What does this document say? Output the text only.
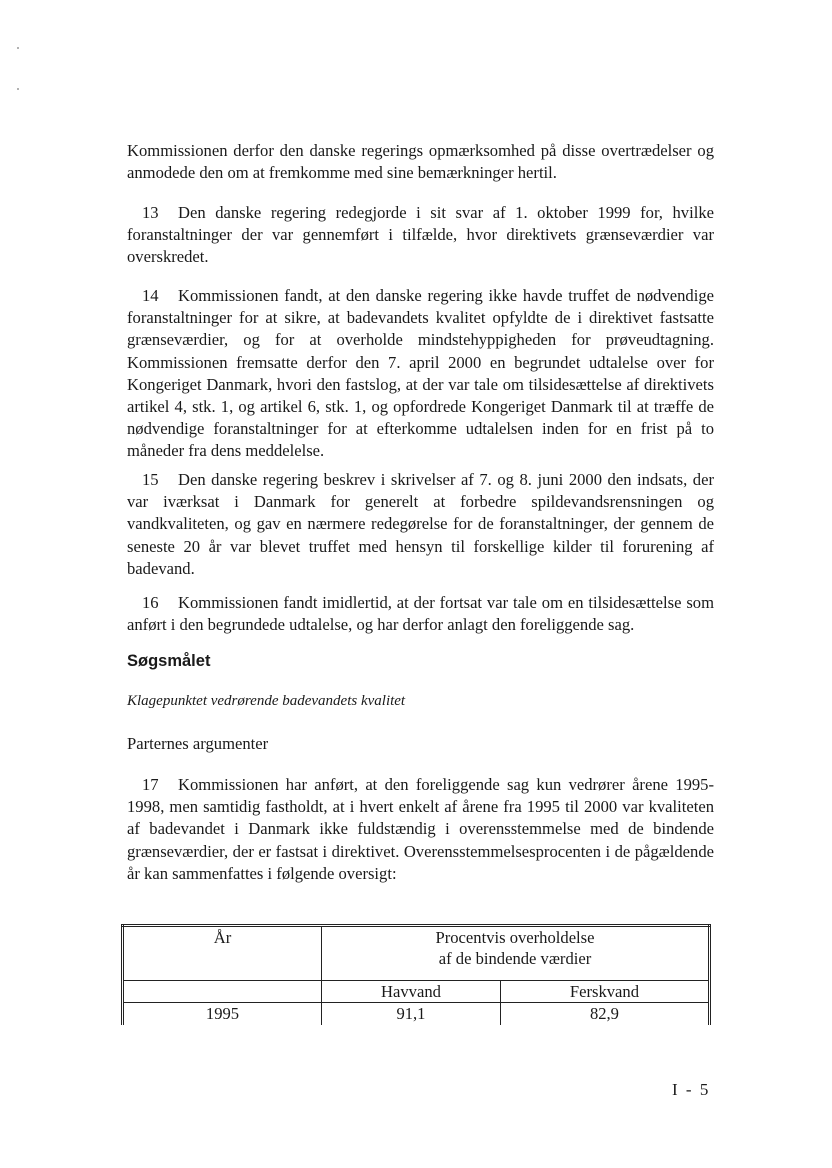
Kommissionen derfor den danske regerings opmærksomhed på disse overtrædelser og anmodede den om at fremkomme med sine bemærkninger hertil.

13 Den danske regering redegjorde i sit svar af 1. oktober 1999 for, hvilke foranstaltninger der var gennemført i tilfælde, hvor direktivets grænseværdier var overskredet.

14 Kommissionen fandt, at den danske regering ikke havde truffet de nødvendige foranstaltninger for at sikre, at badevandets kvalitet opfyldte de i direktivet fastsatte grænseværdier, og for at overholde mindstehyppigheden for prøveudtagning. Kommissionen fremsatte derfor den 7. april 2000 en begrundet udtalelse over for Kongeriget Danmark, hvori den fastslog, at der var tale om tilsidesættelse af direktivets artikel 4, stk. 1, og artikel 6, stk. 1, og opfordrede Kongeriget Danmark til at træffe de nødvendige foranstaltninger for at efterkomme udtalelsen inden for en frist på to måneder fra dens meddelelse.

15 Den danske regering beskrev i skrivelser af 7. og 8. juni 2000 den indsats, der var iværksat i Danmark for generelt at forbedre spildevandsrensningen og vandkvaliteten, og gav en nærmere redegørelse for de foranstaltninger, der gennem de seneste 20 år var blevet truffet med hensyn til forskellige kilder til forurening af badevand.

16 Kommissionen fandt imidlertid, at der fortsat var tale om en tilsidesættelse som anført i den begrundede udtalelse, og har derfor anlagt den foreliggende sag.

Søgsmålet
Klagepunktet vedrørende badevandets kvalitet
Parternes argumenter

17 Kommissionen har anført, at den foreliggende sag kun vedrører årene 1995-1998, men samtidig fastholdt, at i hvert enkelt af årene fra 1995 til 2000 var kvaliteten af badevandet i Danmark ikke fuldstændig i overensstemmelse med de bindende grænseværdier, der er fastsat i direktivet. Overensstemmelsesprocenten i de pågældende år kan sammenfattes i følgende oversigt:

År	Procentvis overholdelse
af de bindende værdier	

	Havvand	Ferskvand
1995	91,1	82,9
I - 5
